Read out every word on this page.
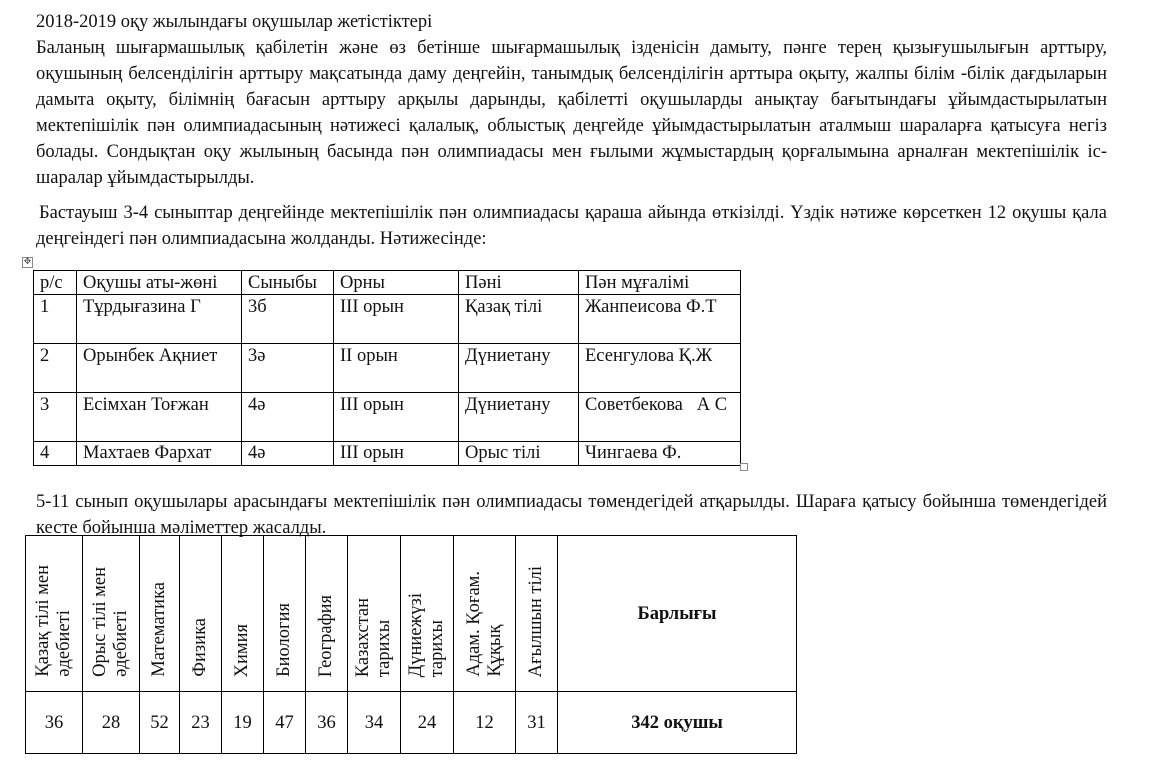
2018-2019 оқу жылындағы оқушылар жетістіктері
Баланың шығармашылық қабілетін және өз бетінше шығармашылық ізденісін дамыту, пәнге терең қызығушылығын арттыру, оқушының белсенділігін арттыру мақсатында даму деңгейін, танымдық белсенділігін арттыра оқыту, жалпы білім -білік дағдыларын дамыта оқыту, білімнің бағасын арттыру арқылы дарынды, қабілетті оқушыларды анықтау бағытындағы ұйымдастырылатын мектепішілік пән олимпиадасының нәтижесі қалалық, облыстық деңгейде ұйымдастырылатын аталмыш шараларға қатысуға негіз болады. Сондықтан оқу жылының басында пән олимпиадасы мен ғылыми жұмыстардың қорғалымына арналған мектепішілік іс-шаралар ұйымдастырылды.
Бастауыш 3-4 сыныптар деңгейінде мектепішілік пән олимпиадасы қараша айында өткізілді. Үздік нәтиже көрсеткен 12 оқушы қала деңгеіндегі пән олимпиадасына жолданды. Нәтижесінде:
✥
р/с	Оқушы аты-жөні	Сыныбы	Орны	Пәні	Пән мұғалімі
1	Тұрдығазина Г	3б	ІІІ орын	Қазақ тілі	Жанпеисова Ф.Т
2	Орынбек Ақниет	3ә	ІІ орын	Дүниетану	Есенгулова Қ.Ж
3	Есімхан Тоғжан	4ә	ІІІ орын	Дүниетану	Советбекова   А С
4	Махтаев Фархат	4ә	ІІІ орын	Орыс тілі	Чингаева Ф.
5-11 сынып оқушылары арасындағы мектепішілік пән олимпиадасы төмендегідей атқарылды. Шараға қатысу бойынша төмендегідей кесте бойынша мәліметтер жасалды.
Қазақ тілі мен
әдебиеті	Орыс тілі мен
әдебиеті	Математика	Физика	Химия	Биология	География	Казахстан
тарихы	Дүниежүзі
тарихы	Адам. Қоғам.
Құқық	Ағылшын тілі	Барлығы
36	28	52	23	19	47	36	34	24	12	31	342 оқушы
